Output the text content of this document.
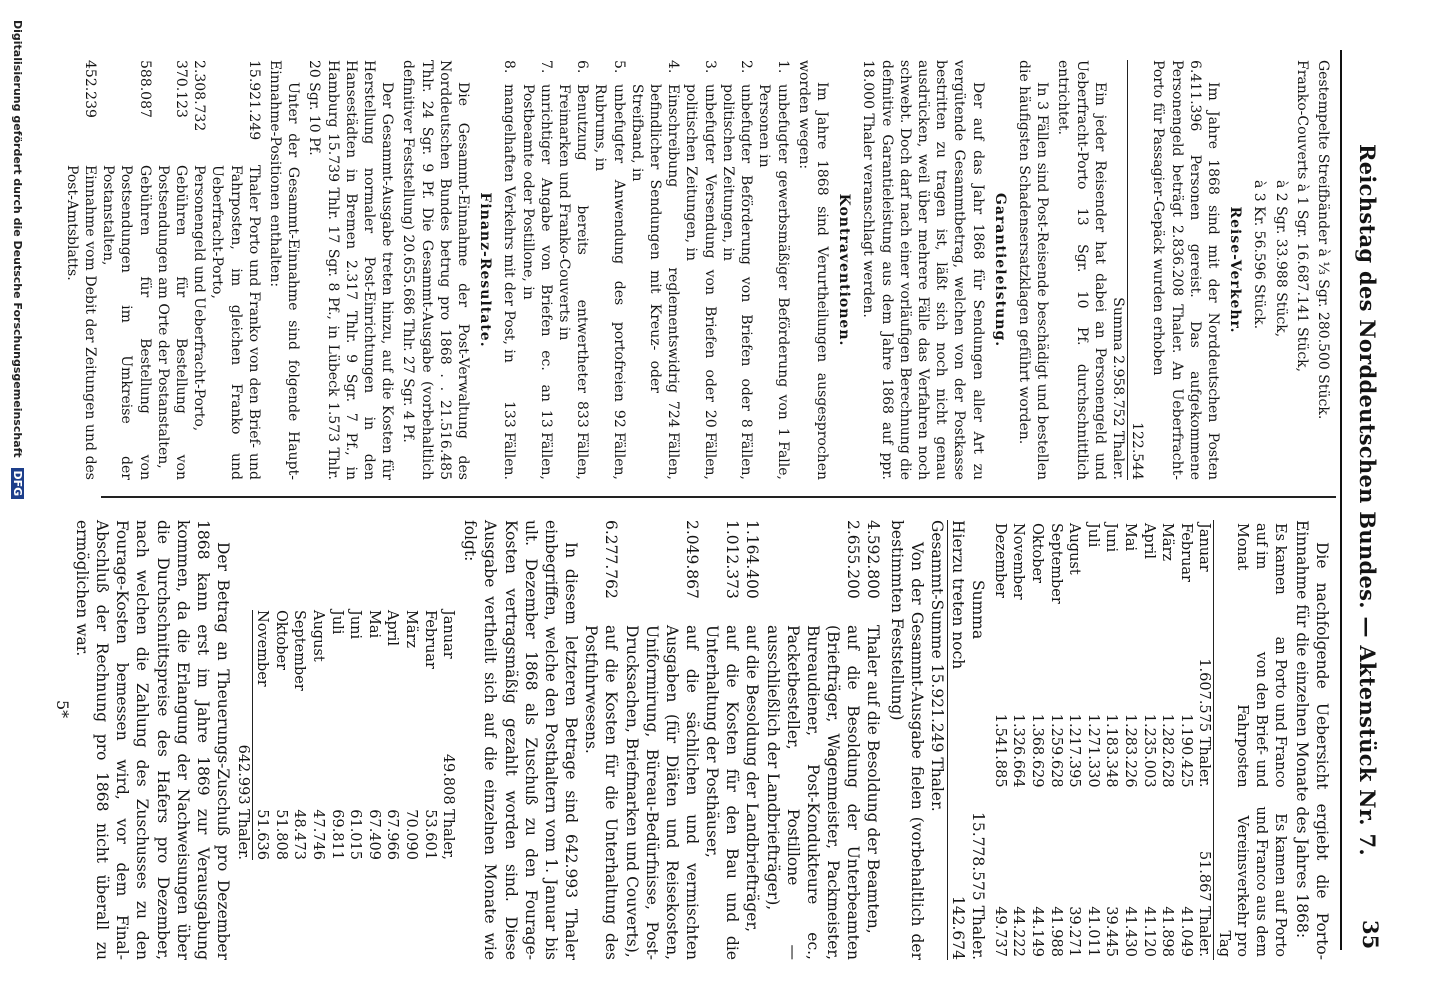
Reichstag des Norddeutschen Bundes. — Aktenstück Nr. 7.

Gestempelte Streifbänder à ⅓ Sgr. 280.500 Stück.

Franko-Couverts à 1 Sgr. 16.687.141 Stück,

à 2 Sgr. 33.988 Stück,

à 3 Kr. 56.596 Stück.

Reise-Verkehr.

Im Jahre 1868 sind mit der Norddeutschen Posten 6.411.396 Personen gereist. Das aufgekommene Personengeld beträgt 2.836.208 Thaler. An Ueberfracht-Porto für Passagier-Gepäck wurden erhoben

122.544
Summa 2.958.752 Thaler.

Ein jeder Reisender hat dabei an Personengeld und Ueberfracht-Porto 13 Sgr. 10 Pf. durchschnittlich entrichtet.

In 3 Fällen sind Post-Reisende beschädigt und bestellen die häufigsten Schadensersatzklagen geführt worden.

Garantieleistung.

Der auf das Jahr 1868 für Sendungen aller Art zu vergütende Gesammtbetrag, welchen von der Postkasse bestritten zu tragen ist, läßt sich noch nicht genau ausdrücken, weil über mehrere Fälle das Verfahren noch schwebt. Doch darf nach einer vorläufigen Berechnung die definitive Garantieleistung aus dem Jahre 1868 auf ppr. 18.000 Thaler veranschlagt werden.

Kontraventionen.

Im Jahre 1868 sind Verurtheilungen ausgesprochen worden wegen:

1.
unbefugter gewerbsmäßiger Beförderung von Personen in
1 Falle,
2.
unbefugter Beförderung von Briefen oder politischen Zeitungen, in
8 Fällen,
3.
unbefugter Versendung von Briefen oder politischen Zeitungen, in
20 Fällen,
4.
Einschreibung reglementswidrig befindlicher Sendungen mit Kreuz- oder Streifband, in
724 Fällen,
5.
unbefugter Anwendung des portofreien Rubrums, in
92 Fällen,
6.
Benutzung bereits entwertheter Freimarken und Franko-Couverts in
833 Fällen,
7.
unrichtiger Angabe von Briefen ec. an Postbeamte oder Postillone, in
13 Fällen,
8.
mangelhaften Verkehrs mit der Post, in
133 Fällen.
Finanz-Resultate.

Die Gesammt-Einnahme der Post-Verwaltung des Norddeutschen Bundes betrug pro 1868 . . 21.516.485 Thlr. 24 Sgr. 9 Pf. Die Gesammt-Ausgabe (vorbehaltlich definitiver Feststellung) 20.655.686 Thlr. 27 Sgr. 4 Pf.

Der Gesammt-Ausgabe treten hinzu, auf die Kosten für Herstellung normaler Post-Einrichtungen in den Hansestädten in Bremen 2.317 Thlr. 9 Sgr. 7 Pf., in Hamburg 15.739 Thlr. 17 Sgr. 8 Pf., in Lübeck 1.573 Thlr. 20 Sgr. 10 Pf.

Unter der Gesammt-Einnahme sind folgende Haupt-Einnahme-Positionen enthalten:

15.921.249
Thaler Porto und Franko von den Brief- und Fahrposten, im gleichen Franko und Ueberfracht-Porto,
2.308.732
Personengeld und Ueberfracht-Porto,
370.123
Gebühren für Bestellung von Postsendungen am Orte der Postanstalten,
588.087
Gebühren für Bestellung von Postsendungen im Umkreise der Postanstalten,
452.239
Einnahme vom Debit der Zeitungen und des Post-Amtsblatts.
35

Die nachfolgende Uebersicht ergiebt die Porto-Einnahme für die einzelnen Monate des Jahres 1868:

Es kamen auf im Monat	an Porto und Franco von den Brief- und Fahrposten	Es kamen auf Porto und Franco aus dem Vereinsverkehr pro Tag
Januar	1.607.575 Thaler.	51.867 Thaler.
Februar	1.190.425	41.049
März	1.282.628	41.898
April	1.235.003	41.120
Mai	1.283.226	41.430
Juni	1.183.348	39.445
Juli	1.271.330	41.011
August	1.217.395	39.271
September	1.259.628	41.988
Oktober	1.368.629	44.149
November	1.326.664	44.222
Dezember	1.541.885	49.737
Summa
15.778.575 Thaler.
Hierzu treten noch
142.674
Gesammt-Summe 15.921.249 Thaler.

Von der Gesammt-Ausgabe fielen (vorbehaltlich der bestimmten Feststellung)

4.592.800
Thaler auf die Besoldung der Beamten,
2.655.200
auf die Besoldung der Unterbeamten (Briefträger, Wagenmeister, Packmeister, Bureaudiener, Post-Kondukteure ec., Packetbesteller, Postillone — ausschließlich der Landbriefträger),
1.164.400
auf die Besoldung der Landbriefträger,
1.012.373
auf die Kosten für den Bau und die Unterhaltung der Posthäuser,
2.049.867
auf die sächlichen und vermischten Ausgaben (für Diäten und Reisekosten, Uniformirung, Büreau-Bedürfnisse, Post-Drucksachen, Briefmarken und Couverts),
6.277.762
auf die Kosten für die Unterhaltung des Postfuhrwesens.

In diesem letzteren Betrage sind 642.993 Thaler einbegriffen, welche den Posthaltern vom 1. Januar bis ult. Dezember 1868 als Zuschuß zu den Fourage-Kosten vertragsmäßig gezahlt worden sind. Diese Ausgabe vertheilt sich auf die einzelnen Monate wie folgt:

Januar
49.808 Thaler,
Februar
53.601
März
70.090
April
67.966
Mai
67.409
Juni
61.015
Juli
69.811
August
47.746
September
48.473
Oktober
51.808
November
51.636
642.993 Thaler.

Der Betrag an Theuerungs-Zuschuß pro Dezember 1868 kann erst im Jahre 1869 zur Verausgabung kommen, da die Erlangung der Nachweisungen über die Durchschnittspreise des Hafers pro Dezember, nach welchen die Zahlung des Zuschusses zu den Fourage-Kosten bemessen wird, vor dem Final-Abschluß der Rechnung pro 1868 nicht überall zu ermöglichen war.

5*
Digitalisierung gefördert durch die Deutsche Forschungsgemeinschaft DFG
